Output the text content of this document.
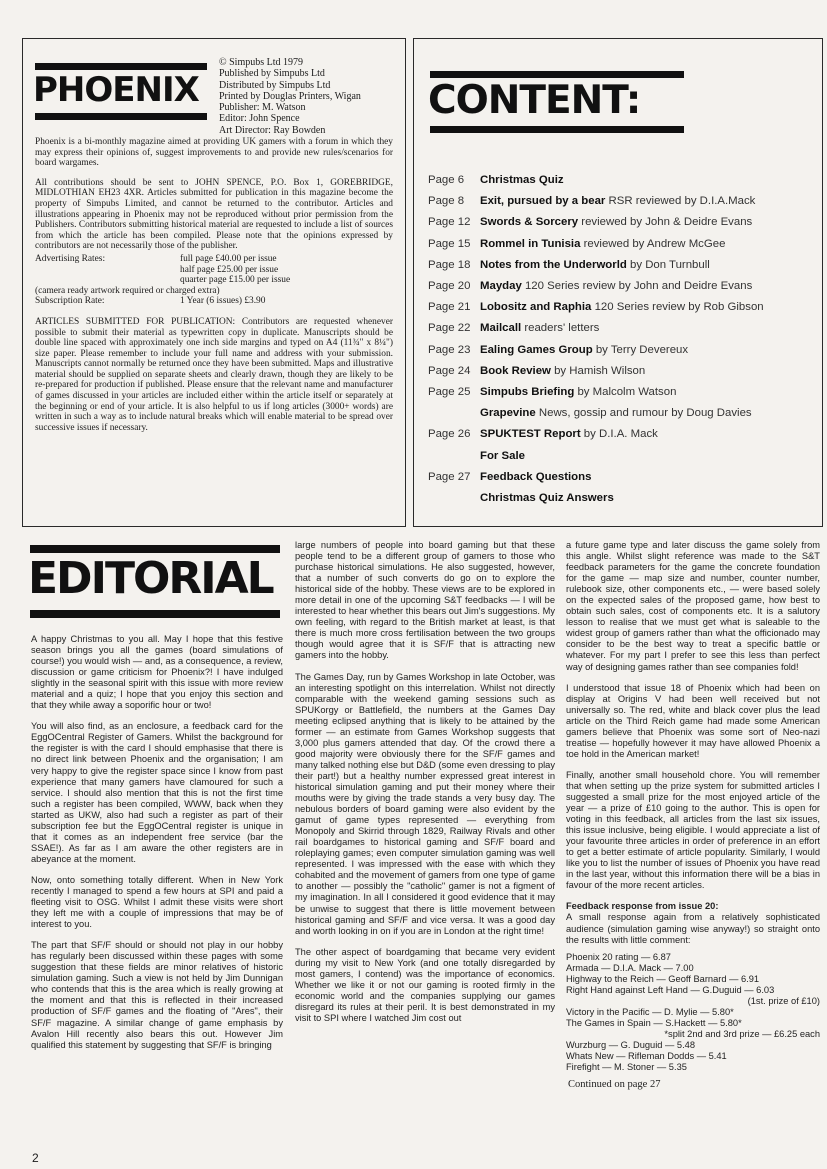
PHOENIX
© Simpubs Ltd 1979
Published by Simpubs Ltd
Distributed by Simpubs Ltd
Printed by Douglas Printers, Wigan
Publisher: M. Watson
Editor: John Spence
Art Director: Ray Bowden

Phoenix is a bi-monthly magazine aimed at providing UK gamers with a forum in which they may express their opinions of, suggest improvements to and provide new rules/scenarios for board wargames.

All contributions should be sent to JOHN SPENCE, P.O. Box 1, GOREBRIDGE, MIDLOTHIAN EH23 4XR. Articles submitted for publication in this magazine become the property of Simpubs Limited, and cannot be returned to the contributor. Articles and illustrations appearing in Phoenix may not be reproduced without prior permission from the Publishers. Contributors submitting historical material are requested to include a list of sources from which the article has been compiled. Please note that the opinions expressed by contributors are not necessarily those of the publisher.

Advertising Rates:	full page £40.00 per issue
	half page £25.00 per issue
	quarter page £15.00 per issue
(camera ready artwork required or charged extra)	
Subscription Rate:	1 Year (6 issues) £3.90

ARTICLES SUBMITTED FOR PUBLICATION: Contributors are requested whenever possible to submit their material as typewritten copy in duplicate. Manuscripts should be double line spaced with approximately one inch side margins and typed on A4 (11¾" x 8¼") size paper. Please remember to include your full name and address with your submission. Manuscripts cannot normally be returned once they have been submitted. Maps and illustrative material should be supplied on separate sheets and clearly drawn, though they are likely to be re-prepared for production if published. Please ensure that the relevant name and manufacturer of games discussed in your articles are included either within the article itself or separately at the beginning or end of your article. It is also helpful to us if long articles (3000+ words) are written in such a way as to include natural breaks which will enable material to be spread over successive issues if necessary.

CONTENT:
Page 6 Christmas Quiz
Page 8 Exit, pursued by a bear RSR reviewed by D.I.A.Mack
Page 12 Swords & Sorcery reviewed by John & Deidre Evans
Page 15 Rommel in Tunisia reviewed by Andrew McGee
Page 18 Notes from the Underworld by Don Turnbull
Page 20 Mayday 120 Series review by John and Deidre Evans
Page 21 Lobositz and Raphia 120 Series review by Rob Gibson
Page 22 Mailcall readers' letters
Page 23 Ealing Games Group by Terry Devereux
Page 24 Book Review by Hamish Wilson
Page 25 Simpubs Briefing by Malcolm Watson
Grapevine News, gossip and rumour by Doug Davies
Page 26 SPUKTEST Report by D.I.A. Mack
For Sale
Page 27 Feedback Questions
Christmas Quiz Answers
EDITORIAL

A happy Christmas to you all. May I hope that this festive season brings you all the games (board simulations of course!) you would wish — and, as a consequence, a review, discussion or game criticism for Phoenix?! I have indulged slightly in the seasonal spirit with this issue with more review material and a quiz; I hope that you enjoy this section and that they while away a soporific hour or two!

You will also find, as an enclosure, a feedback card for the EggOCentral Register of Gamers. Whilst the background for the register is with the card I should emphasise that there is no direct link between Phoenix and the organisation; I am very happy to give the register space since I know from past experience that many gamers have clamoured for such a service. I should also mention that this is not the first time such a register has been compiled, WWW, back when they started as UKW, also had such a register as part of their subscription fee but the EggOCentral register is unique in that it comes as an independent free service (bar the SSAE!). As far as I am aware the other registers are in abeyance at the moment.

Now, onto something totally different. When in New York recently I managed to spend a few hours at SPI and paid a fleeting visit to OSG. Whilst I admit these visits were short they left me with a couple of impressions that may be of interest to you.

The part that SF/F should or should not play in our hobby has regularly been discussed within these pages with some suggestion that these fields are minor relatives of historic simulation gaming. Such a view is not held by Jim Dunnigan who contends that this is the area which is really growing at the moment and that this is reflected in their increased production of SF/F games and the floating of "Ares", their SF/F magazine. A similar change of game emphasis by Avalon Hill recently also bears this out. However Jim qualified this statement by suggesting that SF/F is bringing

large numbers of people into board gaming but that these people tend to be a different group of gamers to those who purchase historical simulations. He also suggested, however, that a number of such converts do go on to explore the historical side of the hobby. These views are to be explored in more detail in one of the upcoming S&T feedbacks — I will be interested to hear whether this bears out Jim's suggestions. My own feeling, with regard to the British market at least, is that there is much more cross fertilisation between the two groups though would agree that it is SF/F that is attracting new gamers into the hobby.

The Games Day, run by Games Workshop in late October, was an interesting spotlight on this interrelation. Whilst not directly comparable with the weekend gaming sessions such as SPUKorgy or Battlefield, the numbers at the Games Day meeting eclipsed anything that is likely to be attained by the former — an estimate from Games Workshop suggests that 3,000 plus gamers attended that day. Of the crowd there a good majority were obviously there for the SF/F games and many talked nothing else but D&D (some even dressing to play their part!) but a healthy number expressed great interest in historical simulation gaming and put their money where their mouths were by giving the trade stands a very busy day. The nebulous borders of board gaming were also evident by the gamut of game types represented — everything from Monopoly and Skirrid through 1829, Railway Rivals and other rail boardgames to historical gaming and SF/F board and roleplaying games; even computer simulation gaming was well represented. I was impressed with the ease with which they cohabited and the movement of gamers from one type of game to another — possibly the "catholic" gamer is not a figment of my imagination. In all I considered it good evidence that it may be unwise to suggest that there is little movement between historical gaming and SF/F and vice versa. It was a good day and worth looking in on if you are in London at the right time!

The other aspect of boardgaming that became very evident during my visit to New York (and one totally disregarded by most gamers, I contend) was the importance of economics. Whether we like it or not our gaming is rooted firmly in the economic world and the companies supplying our games disregard its rules at their peril. It is best demonstrated in my visit to SPI where I watched Jim cost out

a future game type and later discuss the game solely from this angle. Whilst slight reference was made to the S&T feedback parameters for the game the concrete foundation for the game — map size and number, counter number, rulebook size, other components etc., — were based solely on the expected sales of the proposed game, how best to obtain such sales, cost of components etc. It is a salutory lesson to realise that we must get what is saleable to the widest group of gamers rather than what the officionado may consider to be the best way to treat a specific battle or whatever. For my part I prefer to see this less than perfect way of designing games rather than see companies fold!

I understood that issue 18 of Phoenix which had been on display at Origins V had been well received but not universally so. The red, white and black cover plus the lead article on the Third Reich game had made some American gamers believe that Phoenix was some sort of Neo-nazi treatise — hopefully however it may have allowed Phoenix a toe hold in the American market!

Finally, another small household chore. You will remember that when setting up the prize system for submitted articles I suggested a small prize for the most enjoyed article of the year — a prize of £10 going to the author. This is open for voting in this feedback, all articles from the last six issues, this issue inclusive, being eligible. I would appreciate a list of your favourite three articles in order of preference in an effort to get a better estimate of article popularity. Similarly, I would like you to list the number of issues of Phoenix you have read in the last year, without this information there will be a bias in favour of the more recent articles.

Feedback response from issue 20:

A small response again from a relatively sophisticated audience (simulation gaming wise anyway!) so straight onto the results with little comment:

Phoenix 20 rating — 6.87
Armada — D.I.A. Mack — 7.00
Highway to the Reich — Geoff Barnard — 6.91
Right Hand against Left Hand — G.Duguid — 6.03
(1st. prize of £10)
Victory in the Pacific — D. Mylie — 5.80*
The Games in Spain — S.Hackett — 5.80*
*split 2nd and 3rd prize — £6.25 each
Wurzburg — G. Duguid — 5.48
Whats New — Rifleman Dodds — 5.41
Firefight — M. Stoner — 5.35
Continued on page 27
2
